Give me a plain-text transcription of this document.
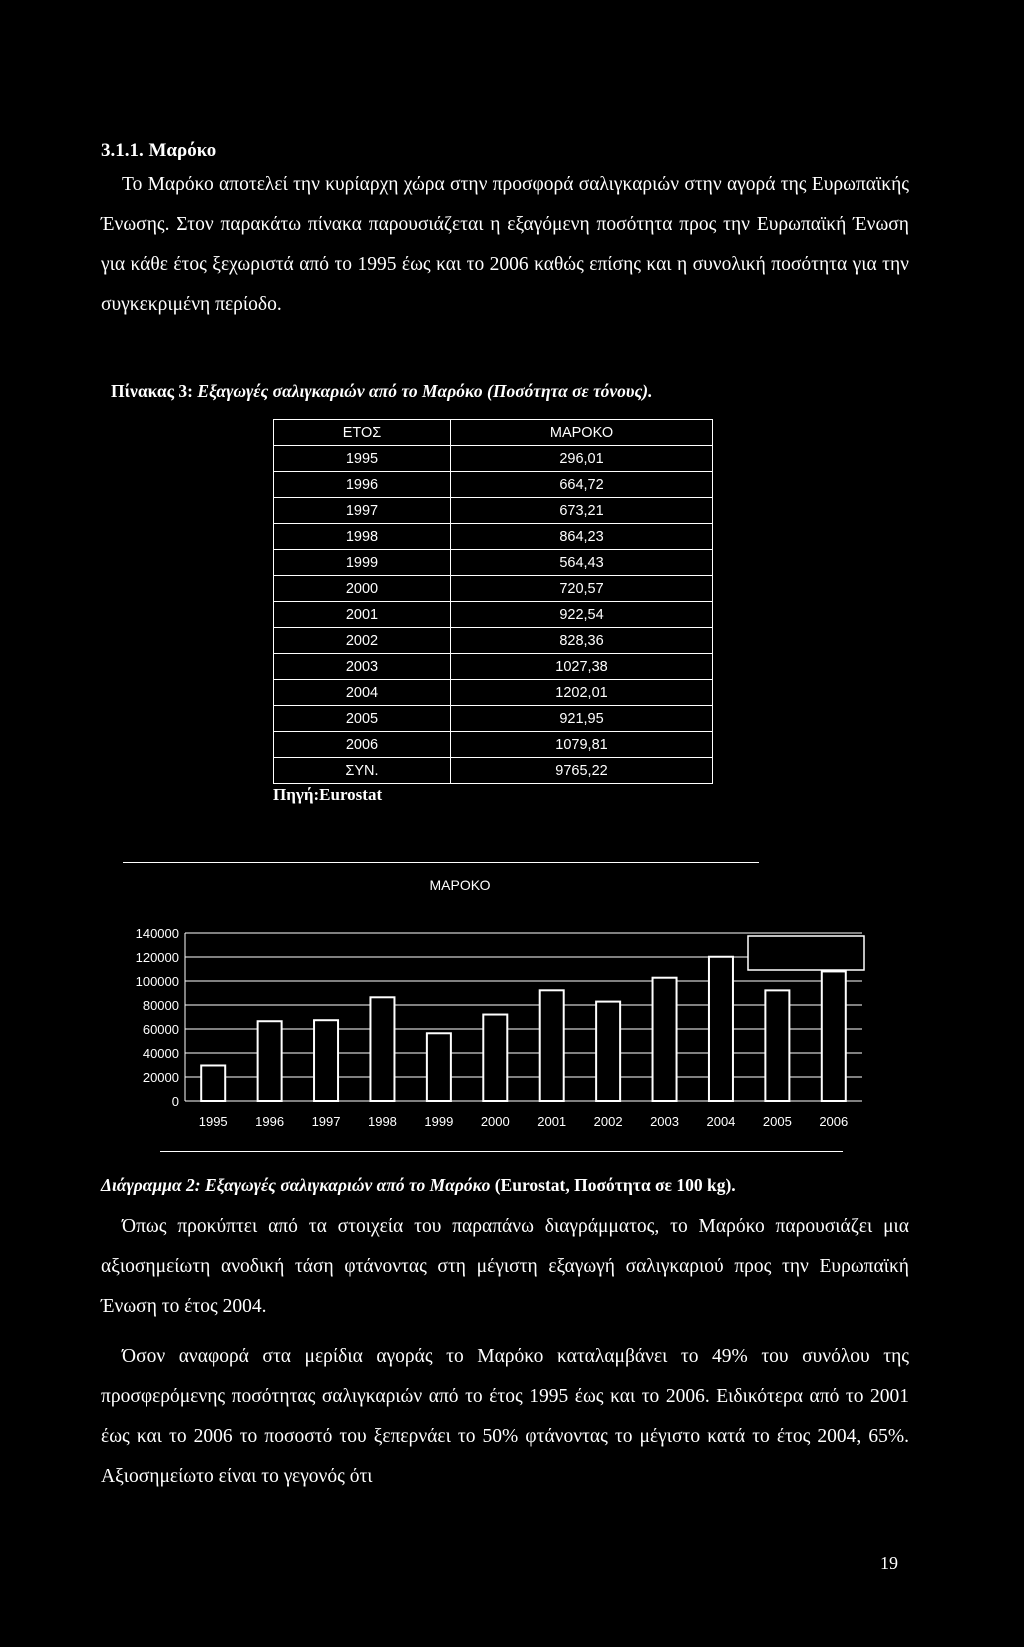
3.1.1. Μαρόκο

Το Μαρόκο αποτελεί την κυρίαρχη χώρα στην προσφορά σαλιγκαριών στην αγορά της Ευρωπαϊκής Ένωσης. Στον παρακάτω πίνακα παρουσιάζεται η εξαγόμενη ποσότητα προς την Ευρωπαϊκή Ένωση για κάθε έτος ξεχωριστά από το 1995 έως και το 2006 καθώς επίσης και η συνολική ποσότητα για την συγκεκριμένη περίοδο.

Πίνακας 3: Εξαγωγές σαλιγκαριών από το Μαρόκο (Ποσότητα σε τόνους).
ΕΤΟΣ	ΜΑΡΟΚΟ
1995	296,01
1996	664,72
1997	673,21
1998	864,23
1999	564,43
2000	720,57
2001	922,54
2002	828,36
2003	1027,38
2004	1202,01
2005	921,95
2006	1079,81
ΣΥΝ.	9765,22
Πηγή:Eurostat
ΜΑΡΟΚΟ
140000
120000
100000
80000
60000
40000
20000
0
1995 1996 1997 1998 1999 2000 2001 2002 2003 2004 2005 2006
Διάγραμμα 2: Εξαγωγές σαλιγκαριών από το Μαρόκο (Eurostat, Ποσότητα σε 100 kg).

Όπως προκύπτει από τα στοιχεία του παραπάνω διαγράμματος, το Μαρόκο παρουσιάζει μια αξιοσημείωτη ανοδική τάση φτάνοντας στη μέγιστη εξαγωγή σαλιγκαριού προς την Ευρωπαϊκή Ένωση το έτος 2004.

Όσον αναφορά στα μερίδια αγοράς το Μαρόκο καταλαμβάνει το 49% του συνόλου της προσφερόμενης ποσότητας σαλιγκαριών από το έτος 1995 έως και το 2006. Ειδικότερα από το 2001 έως και το 2006 το ποσοστό του ξεπερνάει το 50% φτάνοντας το μέγιστο κατά το έτος 2004, 65%. Αξιοσημείωτο είναι το γεγονός ότι

19
